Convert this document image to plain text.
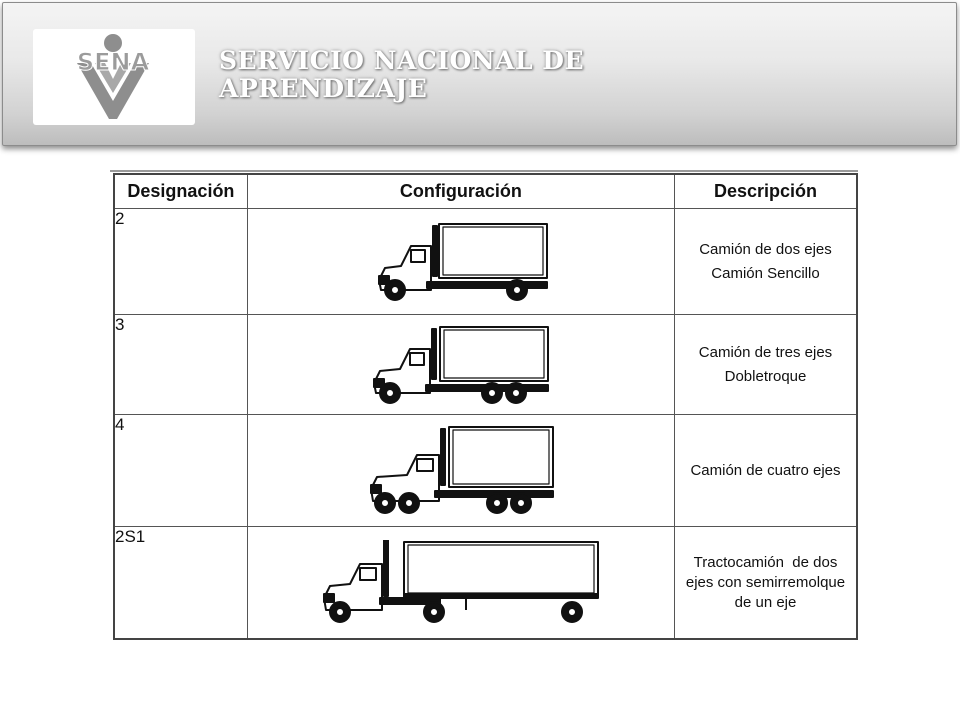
SENA	SERVICIO NACIONAL DE
APRENDIZAJE
Designación	Configuración	Descripción
2		Camión de dos ejes
Camión Sencillo

3		Camión de tres ejes
Dobletroque

4		Camión de cuatro ejes

2S1		Tractocamión  de dos
ejes con semirremolque
de un eje
